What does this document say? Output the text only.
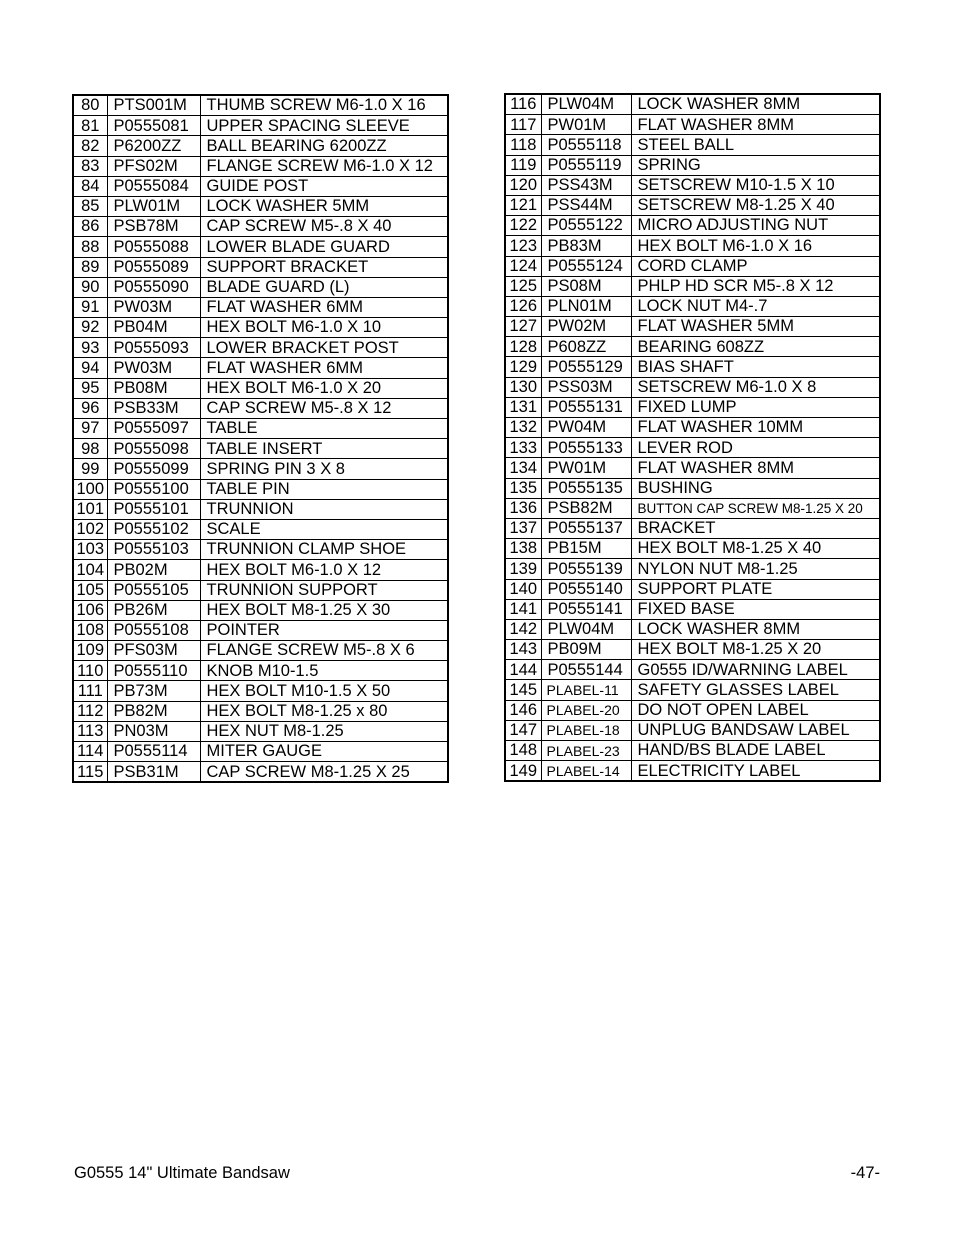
80	PTS001M	THUMB SCREW M6-1.0 X 16
81	P0555081	UPPER SPACING SLEEVE
82	P6200ZZ	BALL BEARING 6200ZZ
83	PFS02M	FLANGE SCREW M6-1.0 X 12
84	P0555084	GUIDE POST
85	PLW01M	LOCK WASHER 5MM
86	PSB78M	CAP SCREW M5-.8 X 40
88	P0555088	LOWER BLADE GUARD
89	P0555089	SUPPORT BRACKET
90	P0555090	BLADE GUARD (L)
91	PW03M	FLAT WASHER 6MM
92	PB04M	HEX BOLT M6-1.0 X 10
93	P0555093	LOWER BRACKET POST
94	PW03M	FLAT WASHER 6MM
95	PB08M	HEX BOLT M6-1.0 X 20
96	PSB33M	CAP SCREW M5-.8 X 12
97	P0555097	TABLE
98	P0555098	TABLE INSERT
99	P0555099	SPRING PIN 3 X 8
100	P0555100	TABLE PIN
101	P0555101	TRUNNION
102	P0555102	SCALE
103	P0555103	TRUNNION CLAMP SHOE
104	PB02M	HEX BOLT M6-1.0 X 12
105	P0555105	TRUNNION SUPPORT
106	PB26M	HEX BOLT M8-1.25 X 30
108	P0555108	POINTER
109	PFS03M	FLANGE SCREW M5-.8 X 6
110	P0555110	KNOB M10-1.5
111	PB73M	HEX BOLT M10-1.5 X 50
112	PB82M	HEX BOLT M8-1.25 x 80
113	PN03M	HEX NUT M8-1.25
114	P0555114	MITER GAUGE
115	PSB31M	CAP SCREW M8-1.25 X 25
116	PLW04M	LOCK WASHER 8MM
117	PW01M	FLAT WASHER 8MM
118	P0555118	STEEL BALL
119	P0555119	SPRING
120	PSS43M	SETSCREW M10-1.5 X 10
121	PSS44M	SETSCREW M8-1.25 X 40
122	P0555122	MICRO ADJUSTING NUT
123	PB83M	HEX BOLT M6-1.0 X 16
124	P0555124	CORD CLAMP
125	PS08M	PHLP HD SCR M5-.8 X 12
126	PLN01M	LOCK NUT M4-.7
127	PW02M	FLAT WASHER 5MM
128	P608ZZ	BEARING 608ZZ
129	P0555129	BIAS SHAFT
130	PSS03M	SETSCREW M6-1.0 X 8
131	P0555131	FIXED LUMP
132	PW04M	FLAT WASHER 10MM
133	P0555133	LEVER ROD
134	PW01M	FLAT WASHER 8MM
135	P0555135	BUSHING
136	PSB82M	BUTTON CAP SCREW M8-1.25 X 20
137	P0555137	BRACKET
138	PB15M	HEX BOLT M8-1.25 X 40
139	P0555139	NYLON NUT M8-1.25
140	P0555140	SUPPORT PLATE
141	P0555141	FIXED BASE
142	PLW04M	LOCK WASHER 8MM
143	PB09M	HEX BOLT M8-1.25 X 20
144	P0555144	G0555 ID/WARNING LABEL
145	PLABEL-11	SAFETY GLASSES LABEL
146	PLABEL-20	DO NOT OPEN LABEL
147	PLABEL-18	UNPLUG BANDSAW LABEL
148	PLABEL-23	HAND/BS BLADE LABEL
149	PLABEL-14	ELECTRICITY LABEL
G0555 14" Ultimate Bandsaw	-47-
